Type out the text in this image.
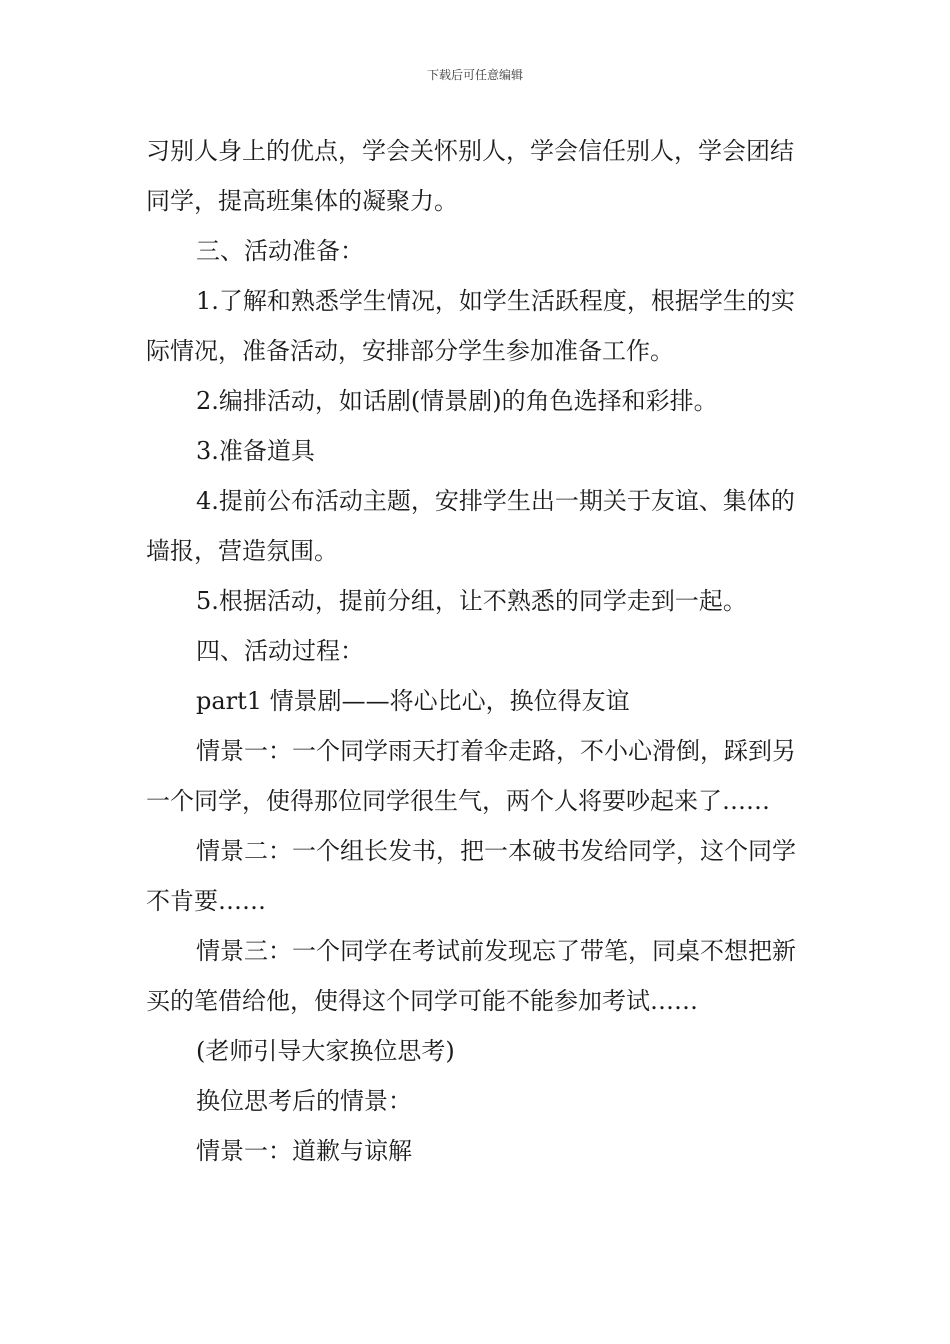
下载后可任意编辑

习别人身上的优点，学会关怀别人，学会信任别人，学会团结同学，提高班集体的凝聚力。

三、活动准备：

1.了解和熟悉学生情况，如学生活跃程度，根据学生的实际情况，准备活动，安排部分学生参加准备工作。

2.编排活动，如话剧(情景剧)的角色选择和彩排。

3.准备道具

4.提前公布活动主题，安排学生出一期关于友谊、集体的墙报，营造氛围。

5.根据活动，提前分组，让不熟悉的同学走到一起。

四、活动过程：

part1 情景剧——将心比心，换位得友谊

情景一：一个同学雨天打着伞走路，不小心滑倒，踩到另一个同学，使得那位同学很生气，两个人将要吵起来了……

情景二：一个组长发书，把一本破书发给同学，这个同学不肯要……

情景三：一个同学在考试前发现忘了带笔，同桌不想把新买的笔借给他，使得这个同学可能不能参加考试……

(老师引导大家换位思考)

换位思考后的情景：

情景一：道歉与谅解
